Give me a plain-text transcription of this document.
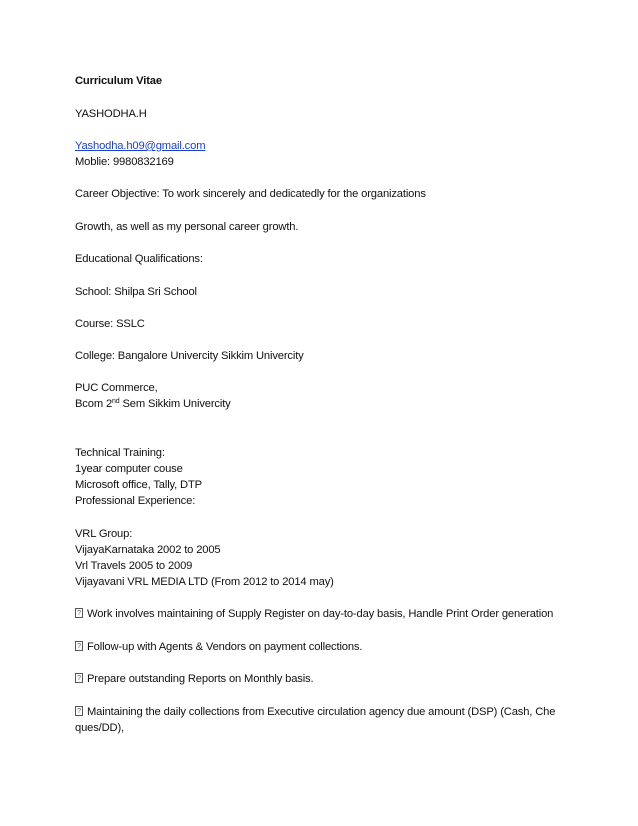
Curriculum Vitae
YASHODHA.H
Yashodha.h09@gmail.com
Moblie: 9980832169
Career Objective: To work sincerely and dedicatedly for the organizations
Growth, as well as my personal career growth.
Educational Qualifications:
School: Shilpa Sri School
Course: SSLC
College: Bangalore Univercity Sikkim Univercity
PUC Commerce,
Bcom 2nd Sem Sikkim Univercity
Technical Training:
1year computer couse
Microsoft office, Tally, DTP
Professional Experience:
VRL Group:
VijayaKarnataka 2002 to 2005
Vrl Travels 2005 to 2009
Vijayavani VRL MEDIA LTD (From 2012 to 2014 may)
?Work involves maintaining of Supply Register on day-to-day basis, Handle Print Order generation
?Follow-up with Agents & Vendors on payment collections.
?Prepare outstanding Reports on Monthly basis.
?Maintaining the daily collections from Executive circulation agency due amount (DSP) (Cash, Che
ques/DD),
